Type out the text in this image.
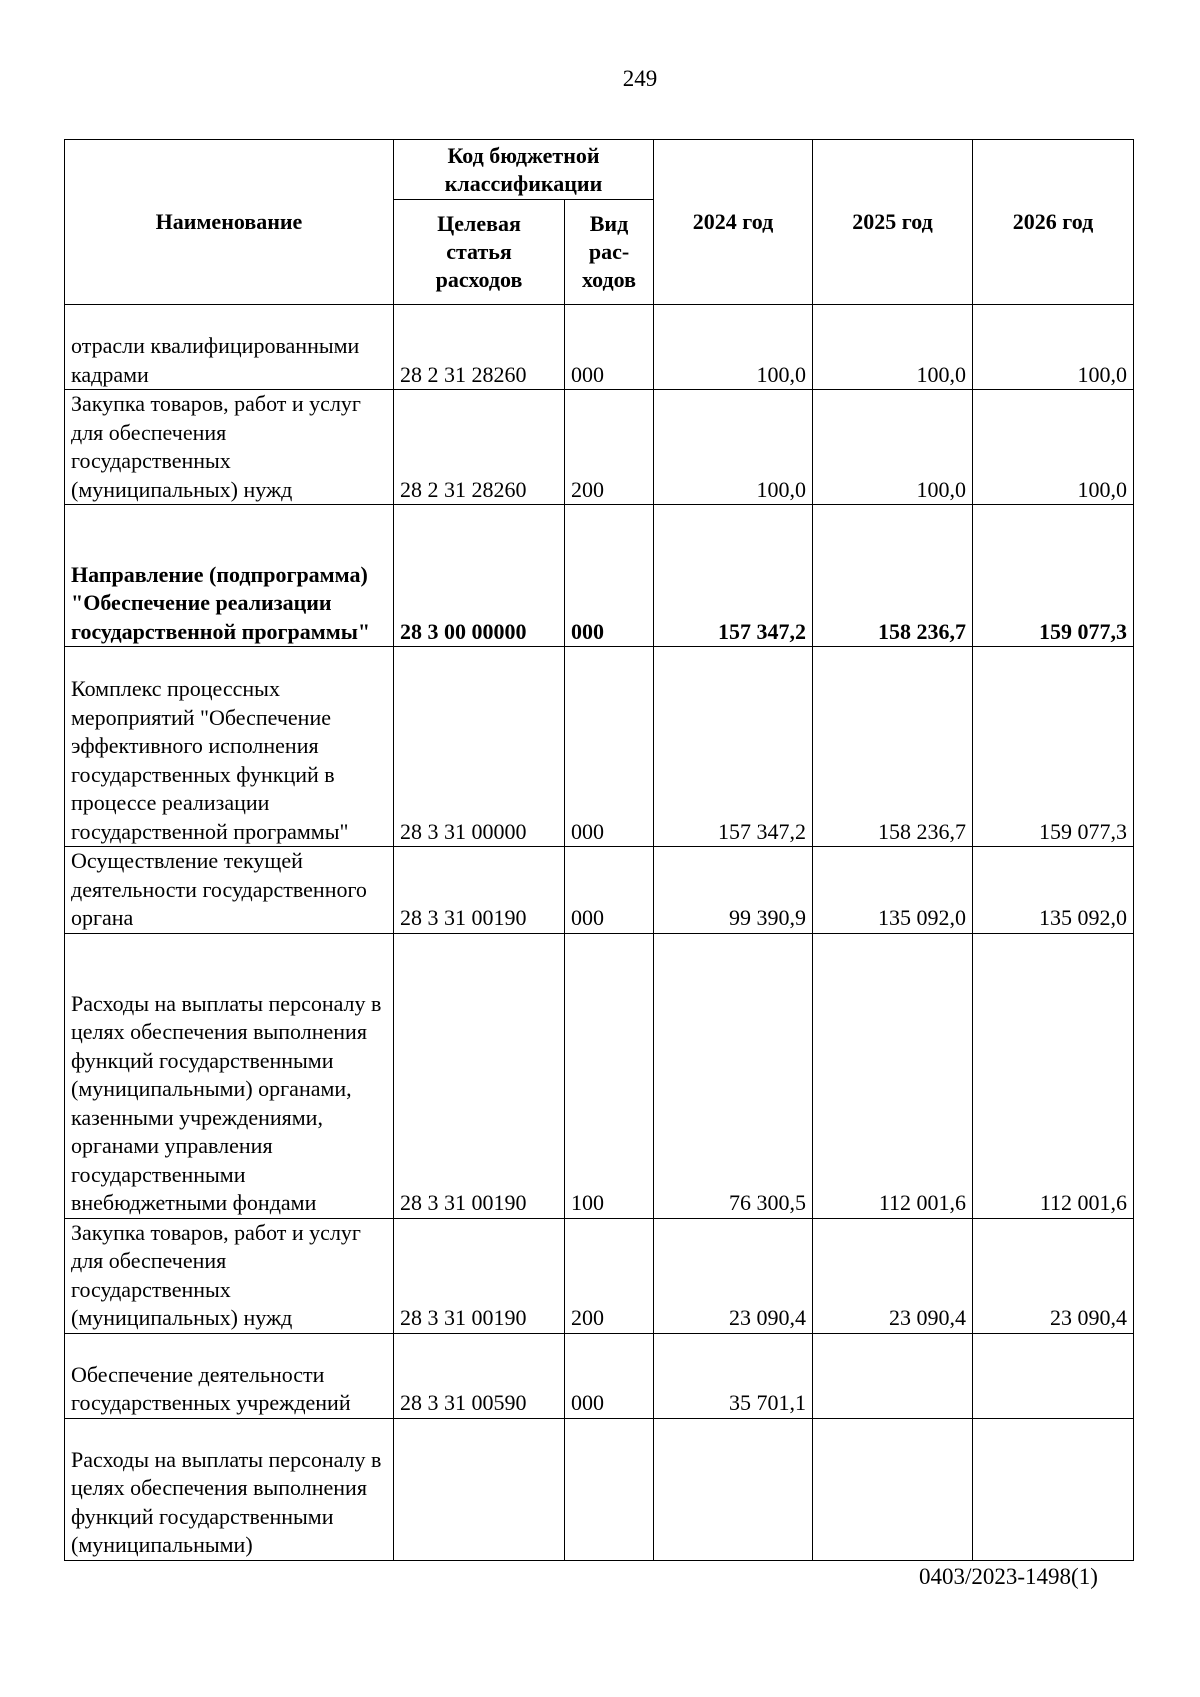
249
Наименование	Код бюджетной классификации		2024 год	2025 год	2026 год
	Целевая статья расходов	Вид рас-ходов			
отрасли квалифицированными кадрами	28 2 31 28260	000	100,0	100,0	100,0
Закупка товаров, работ и услуг для обеспечения государственных (муниципальных) нужд	28 2 31 28260	200	100,0	100,0	100,0
Направление (подпрограмма) "Обеспечение реализации государственной программы"	28 3 00 00000	000	157 347,2	158 236,7	159 077,3
Комплекс процессных мероприятий "Обеспечение эффективного исполнения государственных функций в процессе реализации государственной программы"	28 3 31 00000	000	157 347,2	158 236,7	159 077,3
Осуществление текущей деятельности государственного органа	28 3 31 00190	000	99 390,9	135 092,0	135 092,0
Расходы на выплаты персоналу в целях обеспечения выполнения функций государственными (муниципальными) органами, казенными учреждениями, органами управления государственными внебюджетными фондами	28 3 31 00190	100	76 300,5	112 001,6	112 001,6
Закупка товаров, работ и услуг для обеспечения государственных (муниципальных) нужд	28 3 31 00190	200	23 090,4	23 090,4	23 090,4
Обеспечение деятельности государственных учреждений	28 3 31 00590	000	35 701,1		
Расходы на выплаты персоналу в целях обеспечения выполнения функций государственными (муниципальными)					
0403/2023-1498(1)
